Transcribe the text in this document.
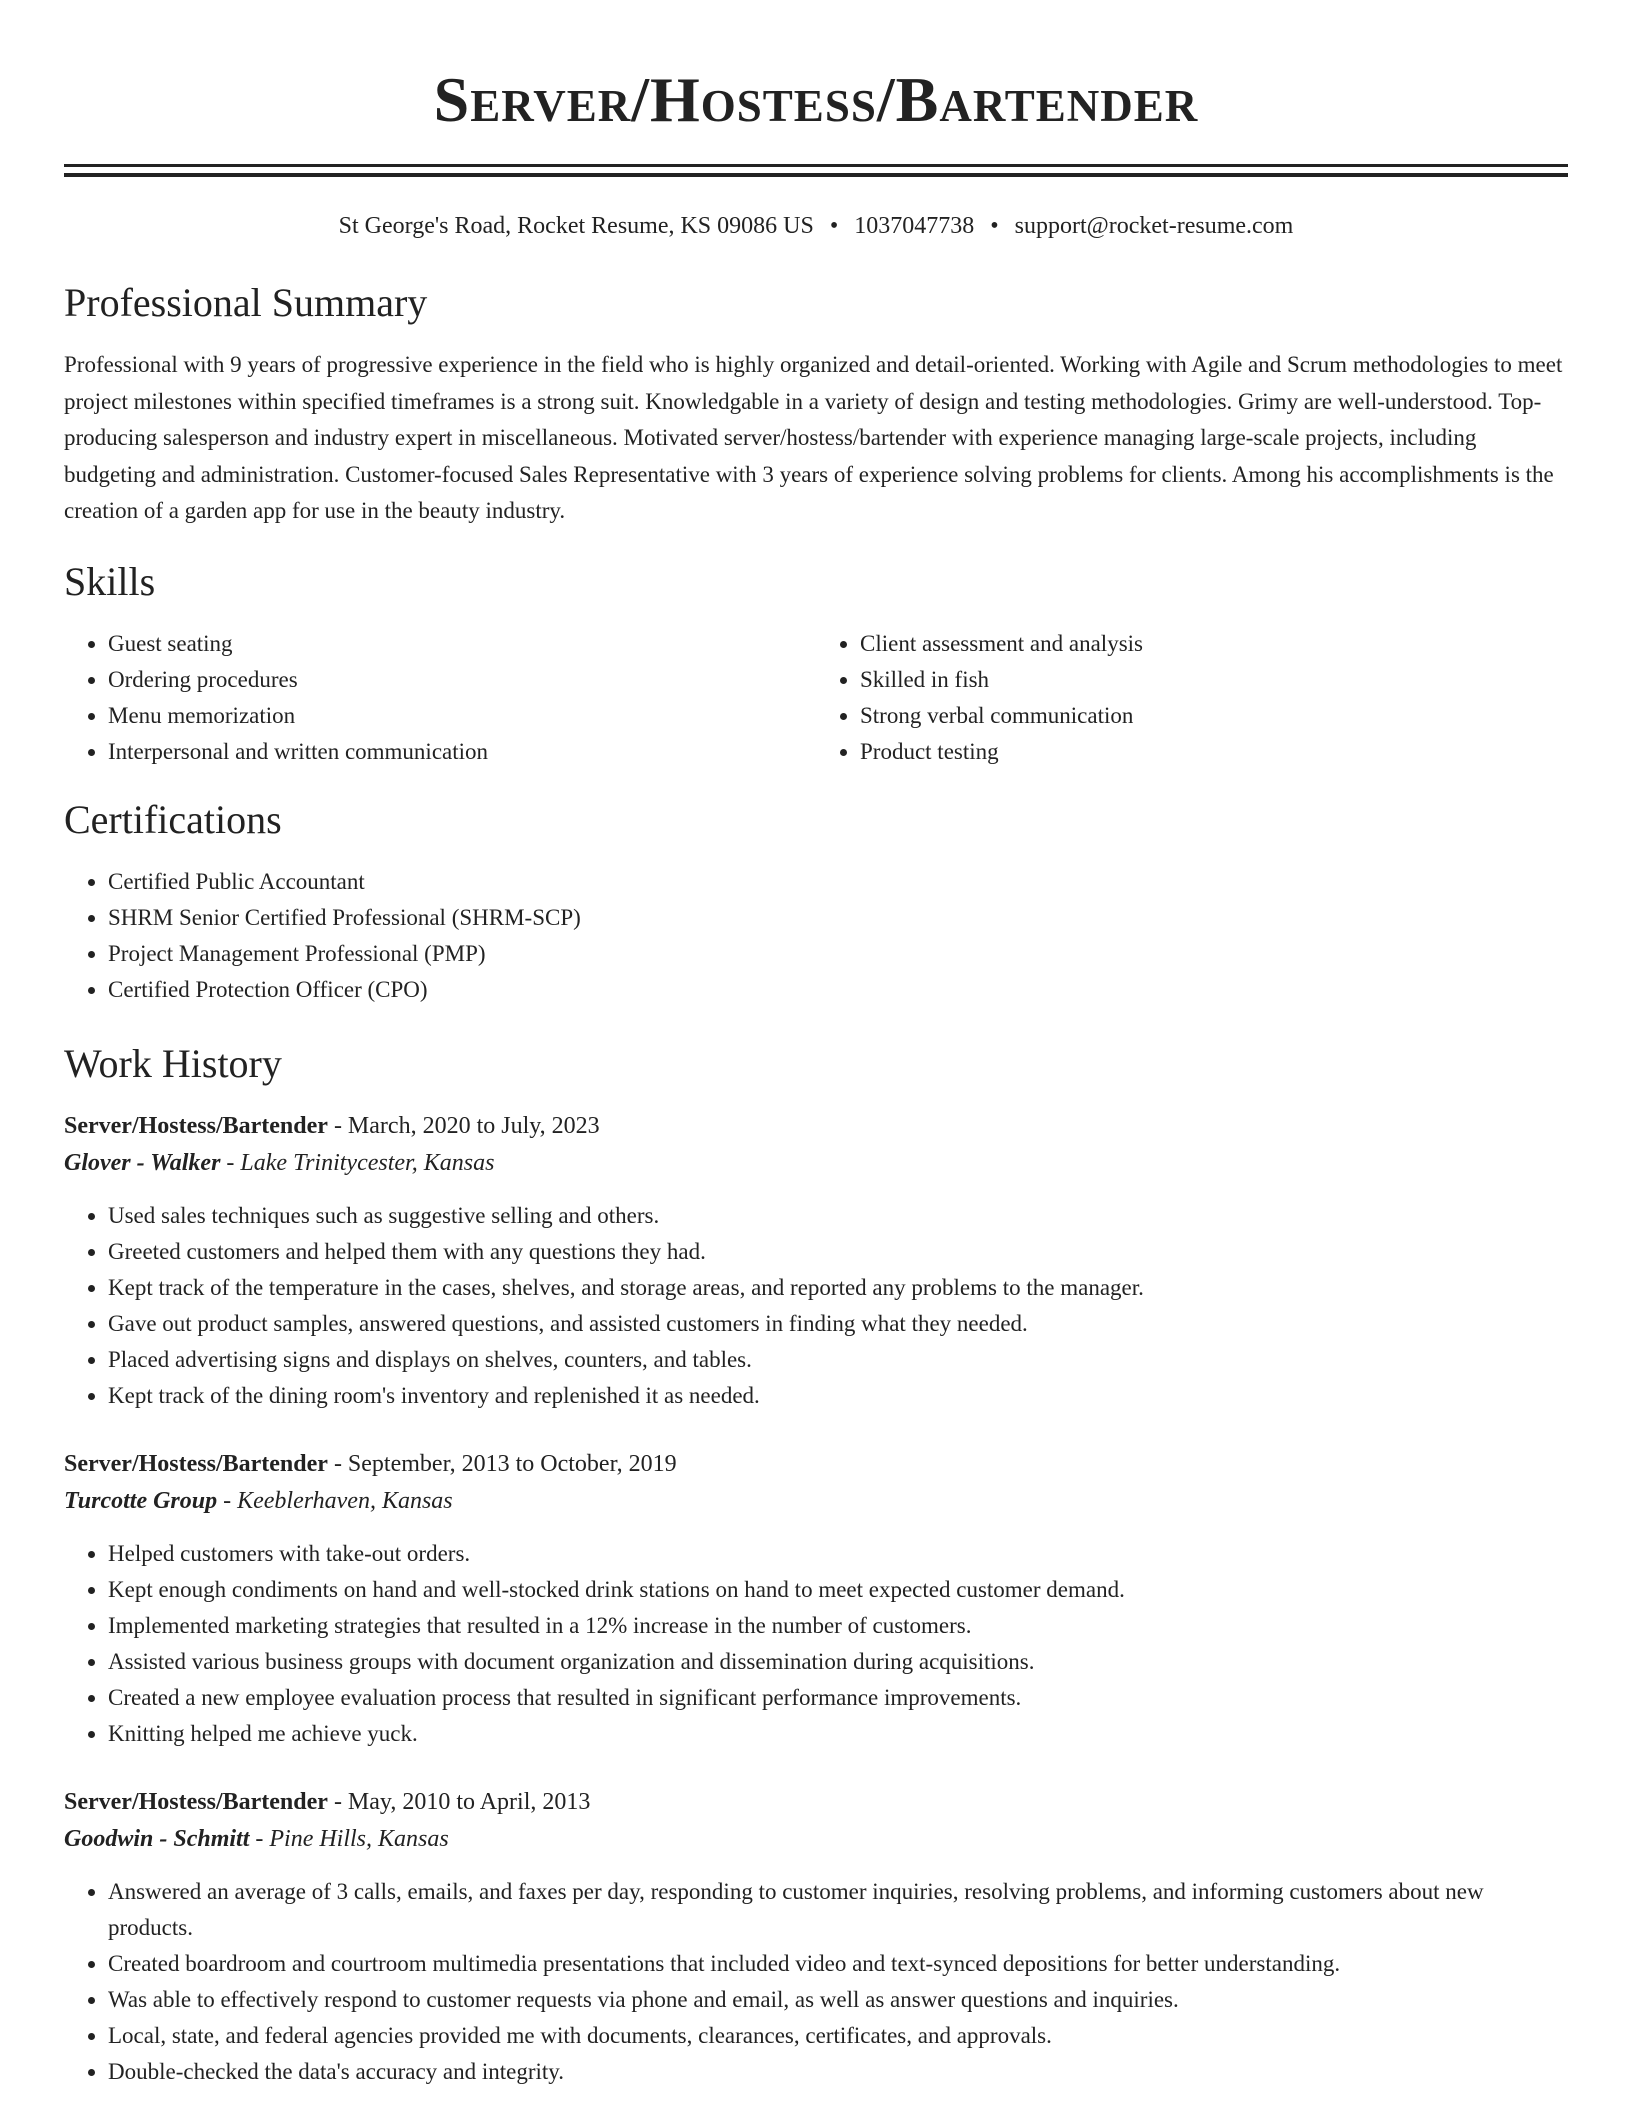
Server/Hostess/Bartender
St George's Road, Rocket Resume, KS 09086 US • 1037047738 • support@rocket-resume.com
Professional Summary

Professional with 9 years of progressive experience in the field who is highly organized and detail-oriented. Working with Agile and Scrum methodologies to meet project milestones within specified timeframes is a strong suit. Knowledgable in a variety of design and testing methodologies. Grimy are well-understood. Top-producing salesperson and industry expert in miscellaneous. Motivated server/hostess/bartender with experience managing large-scale projects, including budgeting and administration. Customer-focused Sales Representative with 3 years of experience solving problems for clients. Among his accomplishments is the creation of a garden app for use in the beauty industry.

Skills
• Guest seating
• Ordering procedures
• Menu memorization
• Interpersonal and written communication
• Client assessment and analysis
• Skilled in fish
• Strong verbal communication
• Product testing
Certifications
• Certified Public Accountant
• SHRM Senior Certified Professional (SHRM-SCP)
• Project Management Professional (PMP)
• Certified Protection Officer (CPO)
Work History
Server/Hostess/Bartender - March, 2020 to July, 2023
Glover - Walker - Lake Trinitycester, Kansas
• Used sales techniques such as suggestive selling and others.
• Greeted customers and helped them with any questions they had.
• Kept track of the temperature in the cases, shelves, and storage areas, and reported any problems to the manager.
• Gave out product samples, answered questions, and assisted customers in finding what they needed.
• Placed advertising signs and displays on shelves, counters, and tables.
• Kept track of the dining room's inventory and replenished it as needed.
Server/Hostess/Bartender - September, 2013 to October, 2019
Turcotte Group - Keeblerhaven, Kansas
• Helped customers with take-out orders.
• Kept enough condiments on hand and well-stocked drink stations on hand to meet expected customer demand.
• Implemented marketing strategies that resulted in a 12% increase in the number of customers.
• Assisted various business groups with document organization and dissemination during acquisitions.
• Created a new employee evaluation process that resulted in significant performance improvements.
• Knitting helped me achieve yuck.
Server/Hostess/Bartender - May, 2010 to April, 2013
Goodwin - Schmitt - Pine Hills, Kansas
• Answered an average of 3 calls, emails, and faxes per day, responding to customer inquiries, resolving problems, and informing customers about new products.
• Created boardroom and courtroom multimedia presentations that included video and text-synced depositions for better understanding.
• Was able to effectively respond to customer requests via phone and email, as well as answer questions and inquiries.
• Local, state, and federal agencies provided me with documents, clearances, certificates, and approvals.
• Double-checked the data's accuracy and integrity.
